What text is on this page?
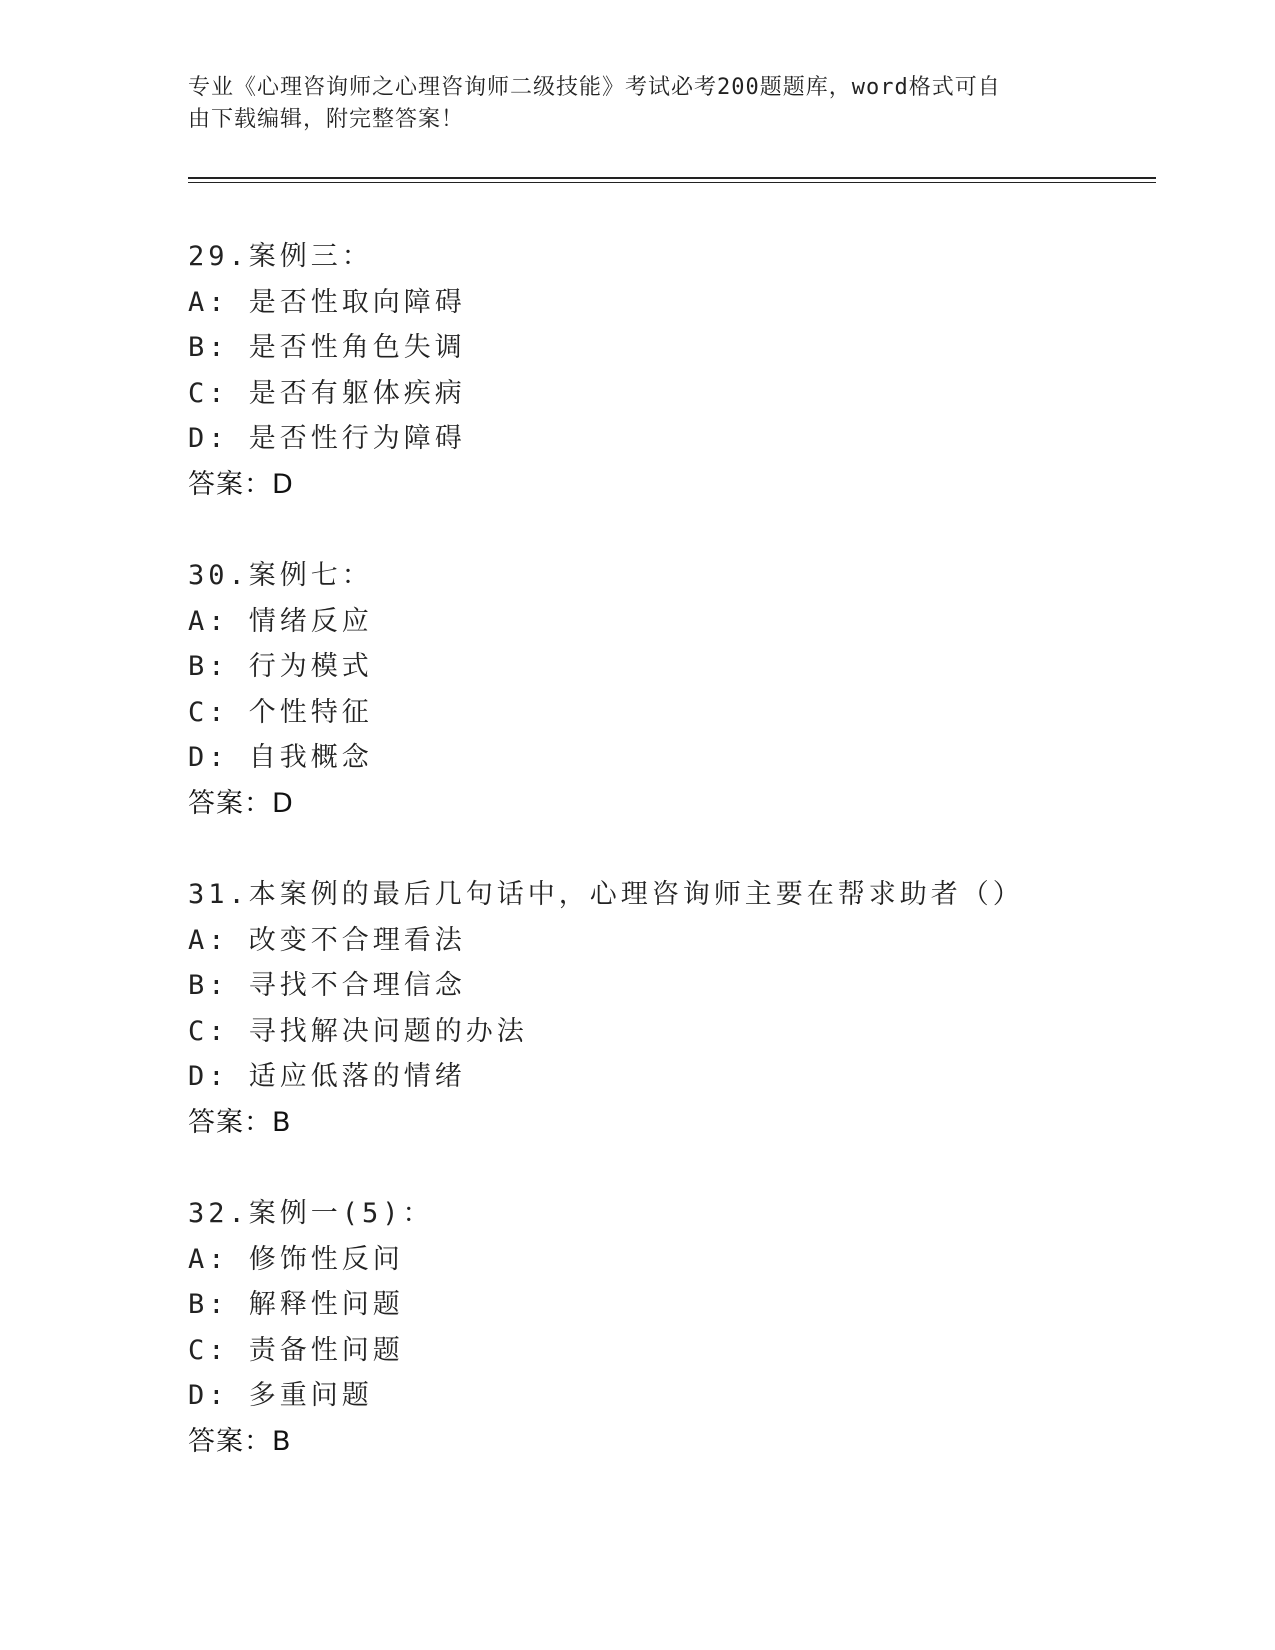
专业《心理咨询师之心理咨询师二级技能》考试必考200题题库，word格式可自
由下载编辑，附完整答案！
29.案例三：
A: 是否性取向障碍
B: 是否性角色失调
C: 是否有躯体疾病
D: 是否性行为障碍
答案：D
30.案例七：
A: 情绪反应
B: 行为模式
C: 个性特征
D: 自我概念
答案：D
31.本案例的最后几句话中，心理咨询师主要在帮求助者（）
A: 改变不合理看法
B: 寻找不合理信念
C: 寻找解决问题的办法
D: 适应低落的情绪
答案：B
32.案例一(5)：
A: 修饰性反问
B: 解释性问题
C: 责备性问题
D: 多重问题
答案：B
